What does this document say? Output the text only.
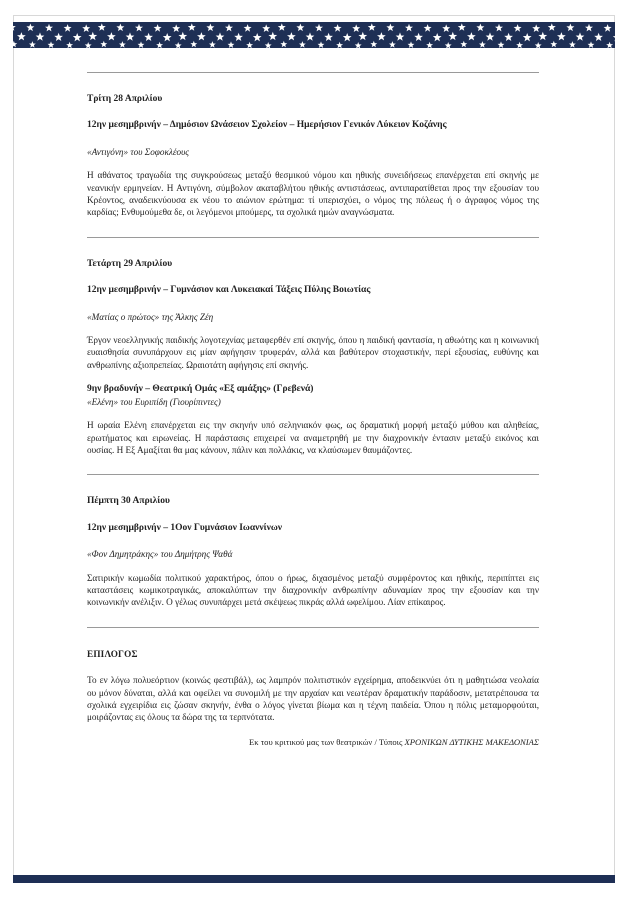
Τρίτη 28 Απριλίου

12ην μεσημβρινήν – Δημόσιον Ωνάσειον Σχολείον – Ημερήσιον Γενικόν Λύκειον Κοζάνης

«Αντιγόνη» του Σοφοκλέους

Η αθάνατος τραγωδία της συγκρούσεως μεταξύ θεσμικού νόμου και ηθικής συνειδήσεως επανέρχεται επί σκηνής με νεανικήν ερμηνείαν. Η Αντιγόνη, σύμβολον ακαταβλήτου ηθικής αντιστάσεως, αντιπαρατίθεται προς την εξουσίαν του Κρέοντος, αναδεικνύουσα εκ νέου το αιώνιον ερώτημα: τί υπερισχύει, ο νόμος της πόλεως ή ο άγραφος νόμος της καρδίας; Ενθυμούμεθα δε, οι λεγόμενοι μπούμερς, τα σχολικά ημών αναγνώσματα.

Τετάρτη 29 Απριλίου

12ην μεσημβρινήν – Γυμνάσιον και Λυκειακαί Τάξεις Πύλης Βοιωτίας

«Ματίας ο πρώτος» της Άλκης Ζέη

Έργον νεοελληνικής παιδικής λογοτεχνίας μεταφερθέν επί σκηνής, όπου η παιδική φαντασία, η αθωότης και η κοινωνική ευαισθησία συνυπάρχουν εις μίαν αφήγησιν τρυφεράν, αλλά και βαθύτερον στοχαστικήν, περί εξουσίας, ευθύνης και ανθρωπίνης αξιοπρεπείας. Ωραιοτάτη αφήγησις επί σκηνής.

9ην βραδυνήν – Θεατρική Ομάς «Εξ αμάξης» (Γρεβενά)

«Ελένη» του Ευριπίδη (Γιουρίπιντες)

Η ωραία Ελένη επανέρχεται εις την σκηνήν υπό σεληνιακόν φως, ως δραματική μορφή μεταξύ μύθου και αληθείας, ερωτήματος και ειρωνείας. Η παράστασις επιχειρεί να αναμετρηθή με την διαχρονικήν έντασιν μεταξύ εικόνος και ουσίας. Η Εξ Αμαξίται θα μας κάνουν, πάλιν και πολλάκις, να κλαύσωμεν θαυμάζοντες.

Πέμπτη 30 Απριλίου

12ην μεσημβρινήν – 1Oον Γυμνάσιον Ιωαννίνων

«Φον Δημητράκης» του Δημήτρης Ψαθά

Σατιρικήν κωμωδία πολιτικού χαρακτήρος, όπου ο ήρως, διχασμένος μεταξύ συμφέροντος και ηθικής, περιπίπτει εις καταστάσεις κωμικοτραγικάς, αποκαλύπτων την διαχρονικήν ανθρωπίνην αδυναμίαν προς την εξουσίαν και την κοινωνικήν ανέλιξιν. Ο γέλως συνυπάρχει μετά σκέψεως πικράς αλλά ωφελίμου. Λίαν επίκαιρος.

ΕΠΙΛΟΓΟΣ

Το εν λόγω πολυεόρτιον (κοινώς φεστιβάλ), ως λαμπρόν πολιτιστικόν εγχείρημα, αποδεικνύει ότι η μαθητιώσα νεολαία ου μόνον δύναται, αλλά και οφείλει να συνομιλή με την αρχαίαν και νεωτέραν δραματικήν παράδοσιν, μετατρέπουσα τα σχολικά εγχειρίδια εις ζώσαν σκηνήν, ένθα ο λόγος γίνεται βίωμα και η τέχνη παιδεία. Όπου η πόλις μεταμορφούται, μοιράζοντας εις όλους τα δώρα της τα τερπνότατα.

Εκ του κριτικού μας των θεατρικών / Τύποις ΧΡΟΝΙΚΩΝ ΔΥΤΙΚΗΣ ΜΑΚΕΔΟΝΙΑΣ
